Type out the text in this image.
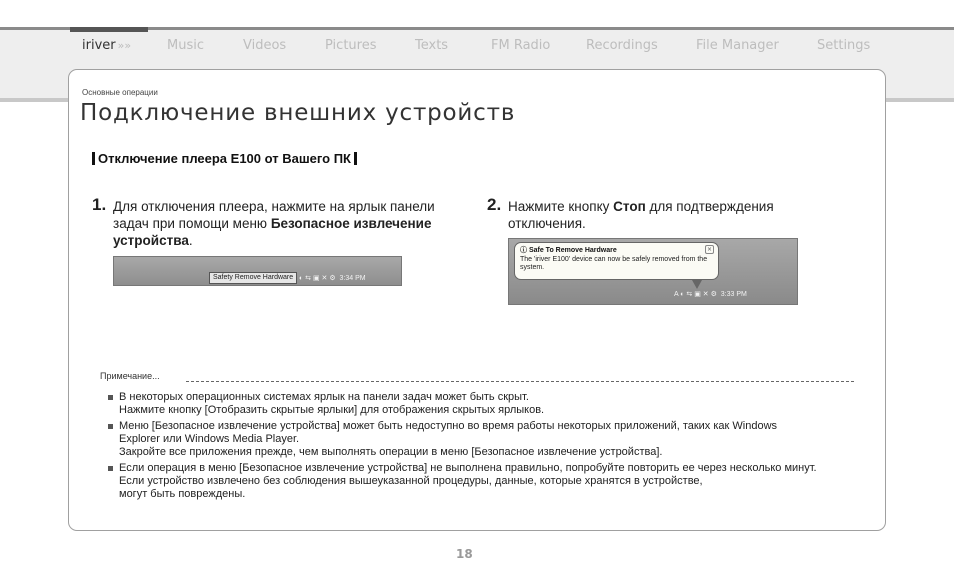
iriver »»	Music	Videos	Pictures	Texts	FM Radio	Recordings	File Manager	Settings
Основные операции
Подключение внешних устройств
Отключение плеера E100 от Вашего ПК
1. Для отключения плеера, нажмите на ярлык панели
задач при помощи меню Безопасное извлечение
устройства.
Safety Remove Hardware ◐ ⇆ ▣ ✕ ⚙ 3:34 PM
2. Нажмите кнопку Стоп для подтверждения
отключения.
ⓘ Safe To Remove Hardware
The 'iriver E100' device can now be safely removed from the system.
×
A ◐ ⇆ ▣ ✕ ⚙ 3:33 PM
Примечание...
В некоторых операционных системах ярлык на панели задач может быть скрыт.
Нажмите кнопку [Отобразить скрытые ярлыки] для отображения скрытых ярлыков.
Меню [Безопасное извлечение устройства] может быть недоступно во время работы некоторых приложений, таких как Windows
Explorer или Windows Media Player.
Закройте все приложения прежде, чем выполнять операции в меню [Безопасное извлечение устройства].
Если операция в меню [Безопасное извлечение устройства] не выполнена правильно, попробуйте повторить ее через несколько минут.
Если устройство извлечено без соблюдения вышеуказанной процедуры, данные, которые хранятся в устройстве,
могут быть повреждены.
18
